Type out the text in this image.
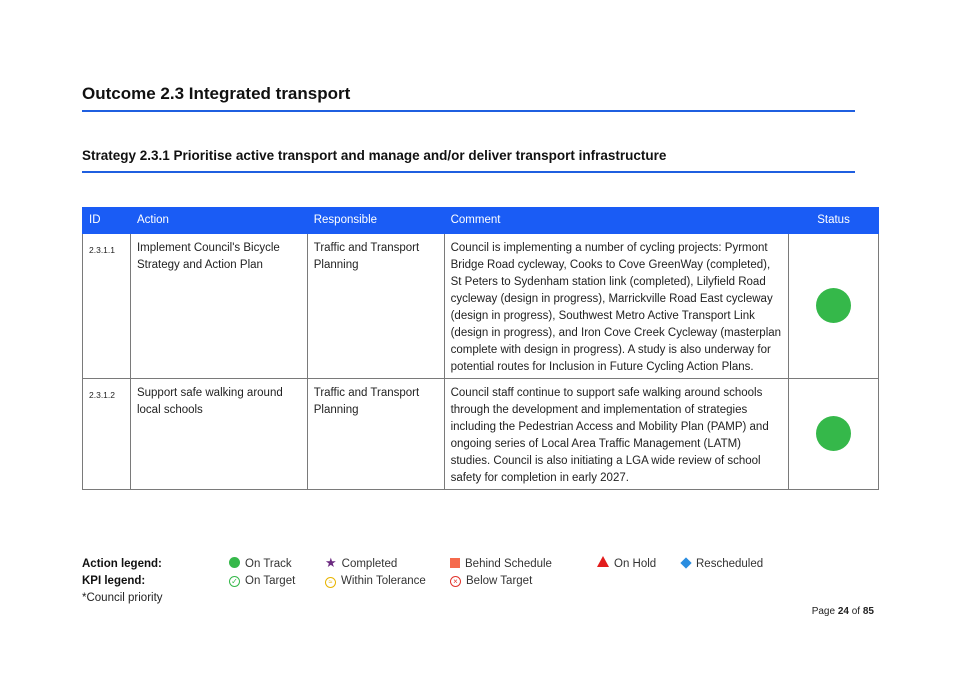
Outcome 2.3 Integrated transport
Strategy 2.3.1 Prioritise active transport and manage and/or deliver transport infrastructure
ID	Action	Responsible	Comment	Status
2.3.1.1	Implement Council's Bicycle Strategy and Action Plan	Traffic and Transport Planning	Council is implementing a number of cycling projects: Pyrmont Bridge Road cycleway, Cooks to Cove GreenWay (completed), St Peters to Sydenham station link (completed), Lilyfield Road cycleway (design in progress), Marrickville Road East cycleway (design in progress), Southwest Metro Active Transport Link (design in progress), and Iron Cove Creek Cycleway (masterplan complete with design in progress). A study is also underway for potential routes for Inclusion in Future Cycling Action Plans.	
2.3.1.2	Support safe walking around local schools	Traffic and Transport Planning	Council staff continue to support safe walking around schools through the development and implementation of strategies including the Pedestrian Access and Mobility Plan (PAMP) and ongoing series of Local Area Traffic Management (LATM) studies. Council is also initiating a LGA wide review of school safety for completion in early 2027.	
Action legend:	On Track	★ Completed	Behind Schedule	On Hold	Rescheduled
KPI legend:	✓ On Target	≈ Within Tolerance	× Below Target
*Council priority
Page 24 of 85
